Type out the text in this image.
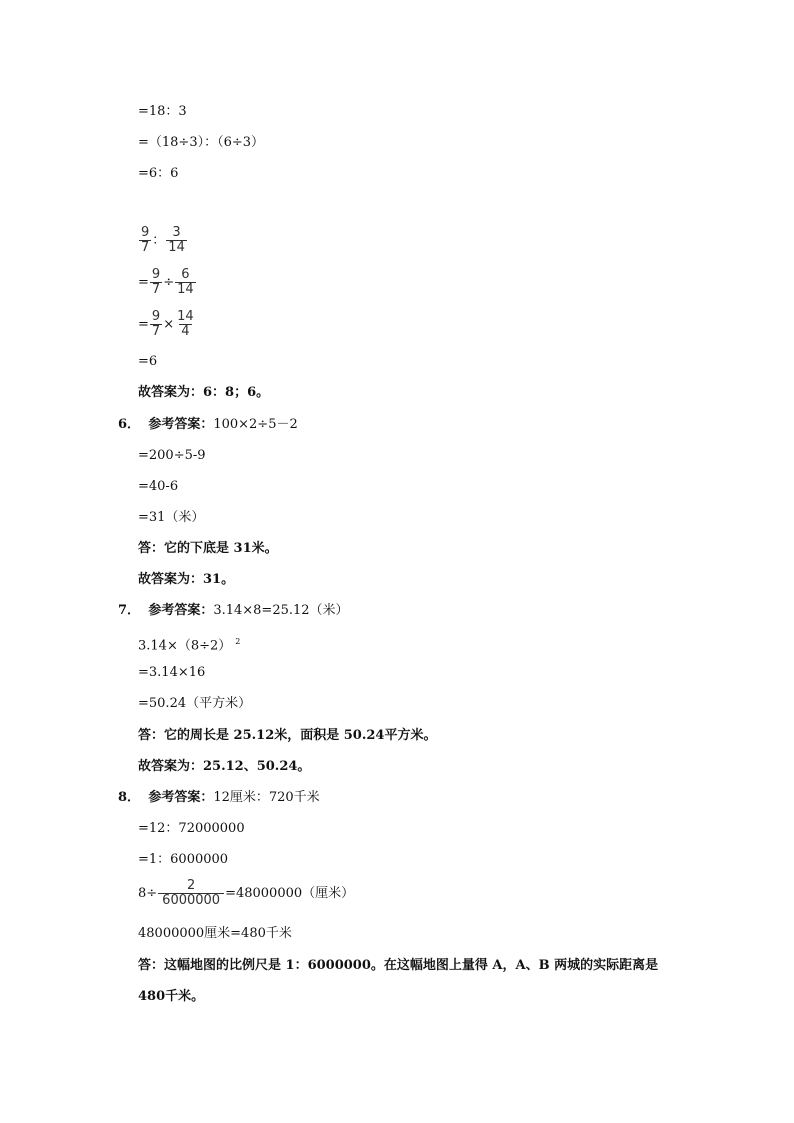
=18：3
=（18÷3）：（6÷3）
=6：6
$\frac{9}{7}$ ： $\frac{3}{14}$
= $\frac{9}{7} \div \frac{6}{14}$
= $\frac{9}{7} \times \frac{14}{4}$
=6
故答案为：6：8；6。
6． 参考答案：100×2÷5－2
=200÷5-9
=40-6
=31（米）
答：它的下底是 31米。
故答案为：31。
7． 参考答案：3.14×8=25.12（米）
3.14×（8÷2） $^2$
=3.14×16
=50.24（平方米）
答：它的周长是 25.12米，面积是 50.24平方米。
故答案为：25.12、50.24。
8． 参考答案：12厘米：720千米
=12：72000000
=1：6000000
$8\div \frac{2}{6000000} =48000000$（厘米）
48000000厘米=480千米
答：这幅地图的比例尺是 1：6000000。在这幅地图上量得 A，A、B 两城的实际距离是
480千米。
